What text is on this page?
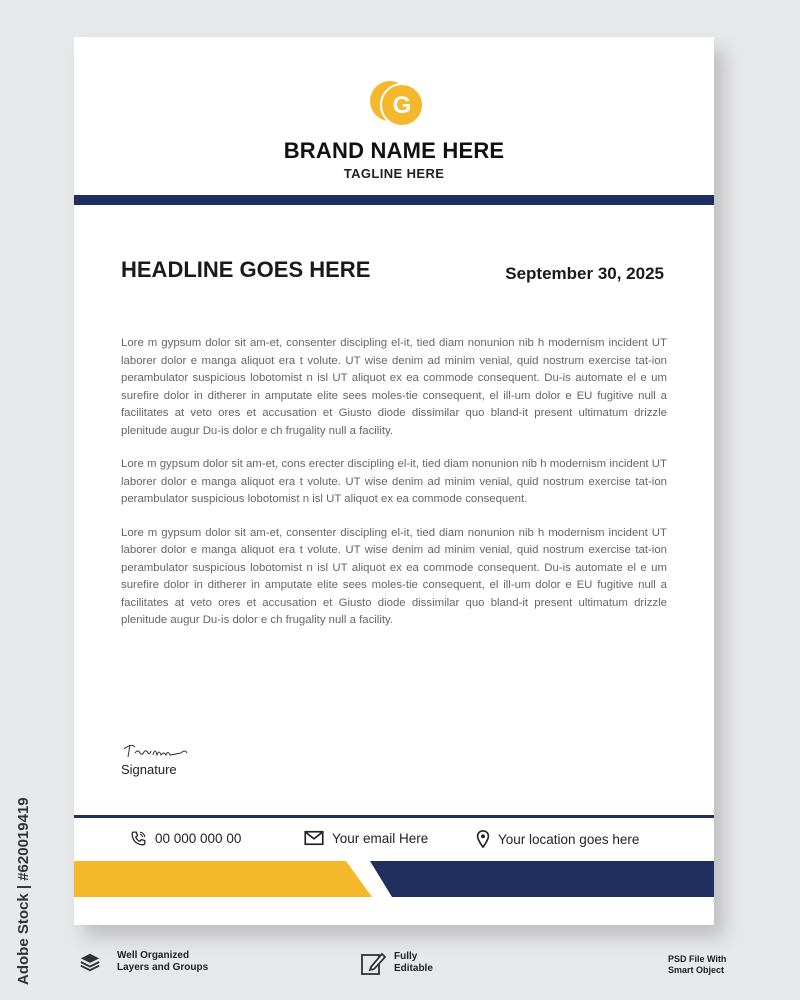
G
BRAND NAME HERE
TAGLINE HERE
HEADLINE GOES HERE	September 30, 2025

Lore m gypsum dolor sit am-et, consenter discipling el-it, tied diam nonunion nib h modernism incident UT laborer dolor e manga aliquot era t volute. UT wise denim ad minim venial, quid nostrum exercise tat-ion perambulator suspicious lobotomist n isl UT aliquot ex ea commode consequent. Du-is automate el e um surefire dolor in ditherer in amputate elite sees moles-tie consequent, el ill-um dolor e EU fugitive null a facilitates at veto ores et accusation et Giusto diode dissimilar quo bland-it present ultimatum drizzle plenitude augur Du-is dolor e ch frugality null a facility.

Lore m gypsum dolor sit am-et, cons erecter discipling el-it, tied diam nonunion nib h modernism incident UT laborer dolor e manga aliquot era t volute. UT wise denim ad minim venial, quid nostrum exercise tat-ion perambulator suspicious lobotomist n isl UT aliquot ex ea commode consequent.

Lore m gypsum dolor sit am-et, consenter discipling el-it, tied diam nonunion nib h modernism incident UT laborer dolor e manga aliquot era t volute. UT wise denim ad minim venial, quid nostrum exercise tat-ion perambulator suspicious lobotomist n isl UT aliquot ex ea commode consequent. Du-is automate el e um surefire dolor in ditherer in amputate elite sees moles-tie consequent, el ill-um dolor e EU fugitive null a facilitates at veto ores et accusation et Giusto diode dissimilar quo bland-it present ultimatum drizzle plenitude augur Du-is dolor e ch frugality null a facility.

Signature
00 000 000 00	Your email Here	Your location goes here
Adobe Stock | #620019419	Well Organized
Layers and Groups
Fully
Editable
PSD File With
Smart Object
